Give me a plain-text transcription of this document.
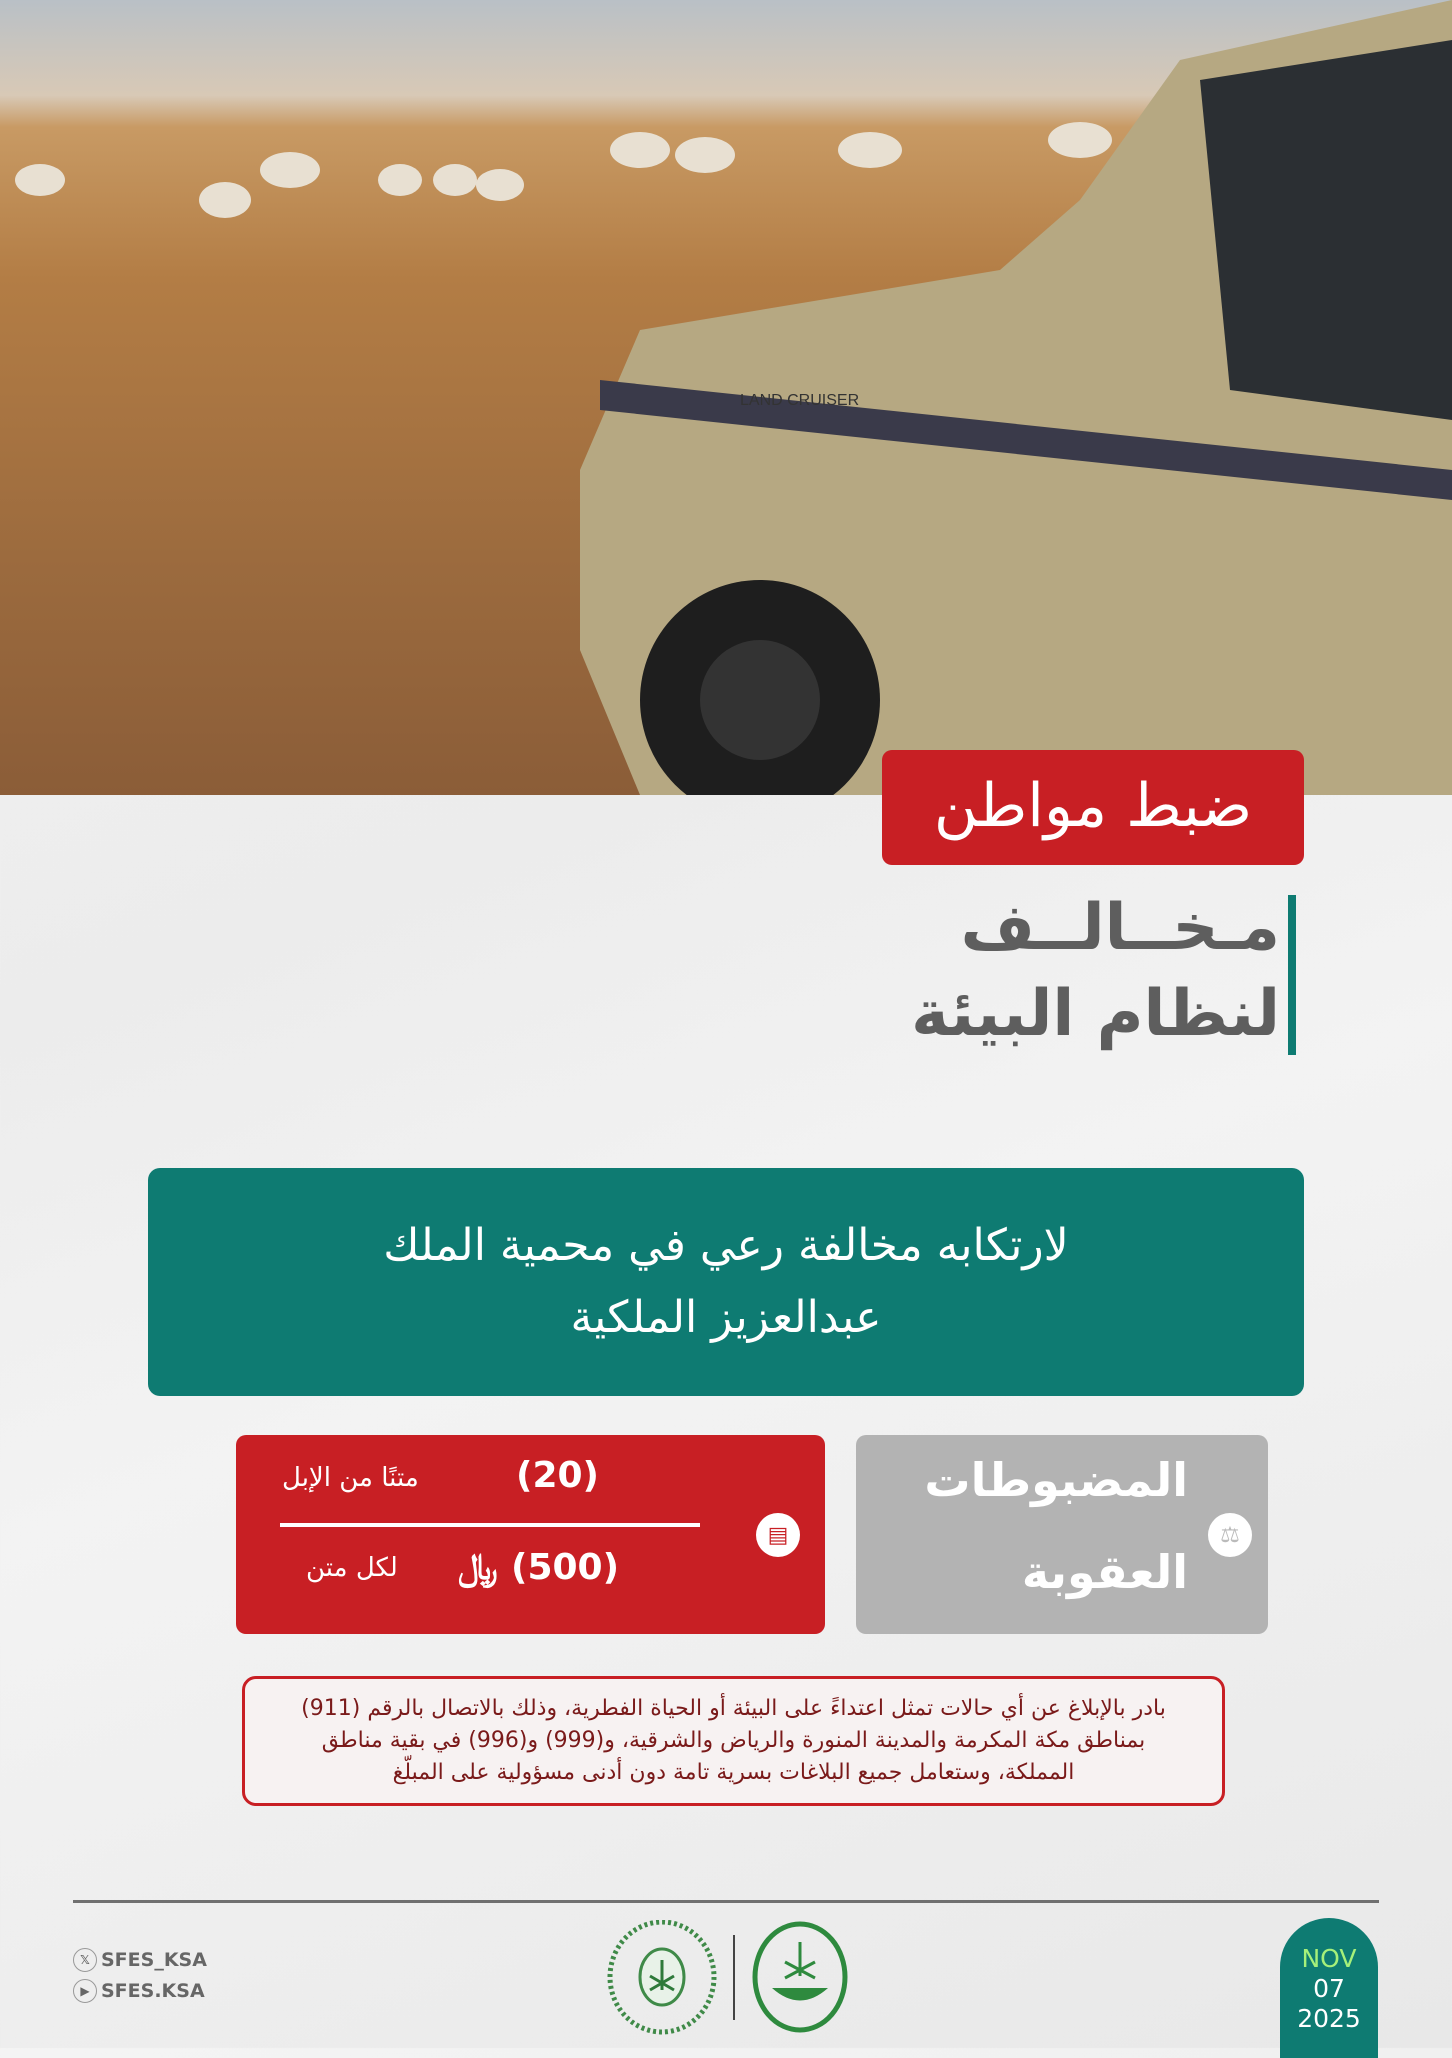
LAND CRUISER
ضبط مواطن
مـخــالــف
لنظام البيئة
لارتكابه مخالفة رعي في محمية الملك
عبدالعزيز الملكية
متنًا من الإبل	(20)
لكل متن ﷼ (500)
▤
المضبوطات
العقوبة
⚖
بادر بالإبلاغ عن أي حالات تمثل اعتداءً على البيئة أو الحياة الفطرية، وذلك بالاتصال بالرقم (911)
بمناطق مكة المكرمة والمدينة المنورة والرياض والشرقية، و(999) و(996) في بقية مناطق
المملكة، وستعامل جميع البلاغات بسرية تامة دون أدنى مسؤولية على المبلّغ
𝕏 SFES_KSA
▶ SFES.KSA
NOV
07
2025
